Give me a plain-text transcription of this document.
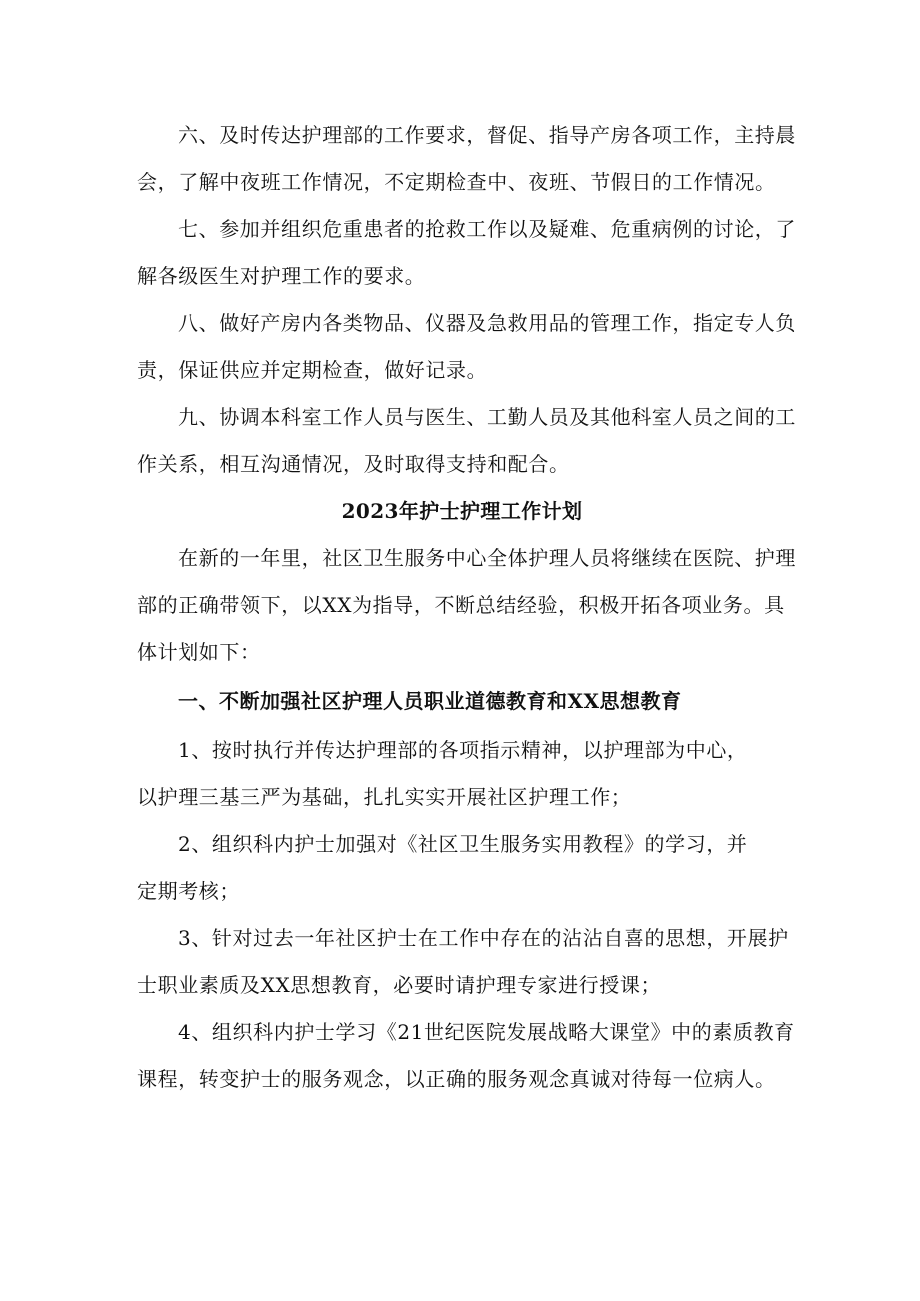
六、及时传达护理部的工作要求，督促、指导产房各项工作，主持晨
会，了解中夜班工作情况，不定期检查中、夜班、节假日的工作情况。
七、参加并组织危重患者的抢救工作以及疑难、危重病例的讨论，了
解各级医生对护理工作的要求。
八、做好产房内各类物品、仪器及急救用品的管理工作，指定专人负
责，保证供应并定期检查，做好记录。
九、协调本科室工作人员与医生、工勤人员及其他科室人员之间的工
作关系，相互沟通情况，及时取得支持和配合。
2023年护士护理工作计划
在新的一年里，社区卫生服务中心全体护理人员将继续在医院、护理
部的正确带领下，以XX为指导，不断总结经验，积极开拓各项业务。具
体计划如下：
一、不断加强社区护理人员职业道德教育和XX思想教育
1、按时执行并传达护理部的各项指示精神，以护理部为中心，
以护理三基三严为基础，扎扎实实开展社区护理工作；
2、组织科内护士加强对《社区卫生服务实用教程》的学习，并
定期考核；
3、针对过去一年社区护士在工作中存在的沾沾自喜的思想，开展护
士职业素质及XX思想教育，必要时请护理专家进行授课；
4、组织科内护士学习《21世纪医院发展战略大课堂》中的素质教育
课程，转变护士的服务观念，以正确的服务观念真诚对待每一位病人。
